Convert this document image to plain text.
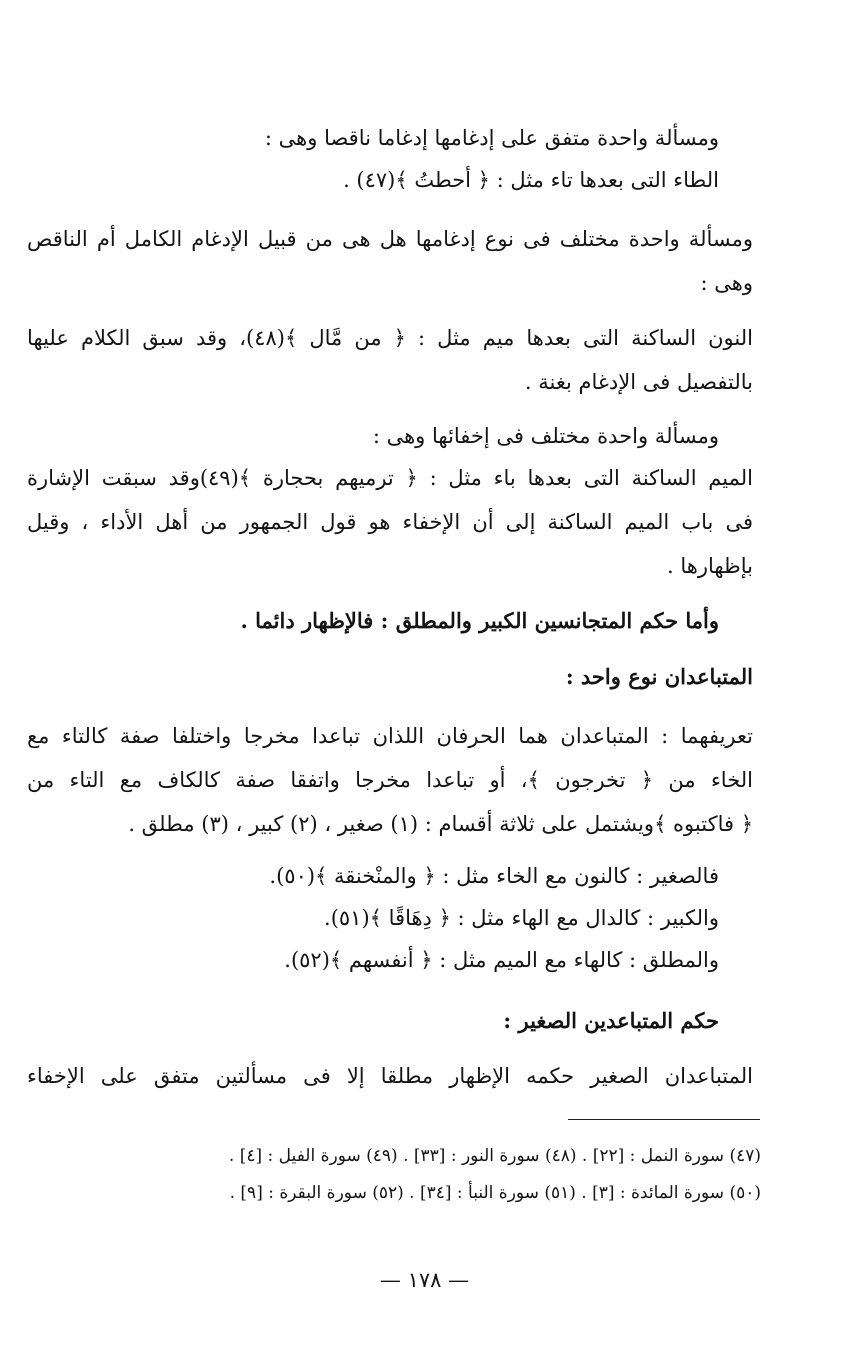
ومسألة واحدة متفق على إدغامها إدغاما ناقصا وهى :
الطاء التى بعدها تاء مثل : ﴿ أحطتُ ﴾(٤٧) .
ومسألة واحدة مختلف فى نوع إدغامها هل هى من قبيل الإدغام الكامل أم الناقص
وهى :
النون الساكنة التى بعدها ميم مثل : ﴿ من مَّال ﴾(٤٨)، وقد سبق الكلام عليها
بالتفصيل فى الإدغام بغنة .
ومسألة واحدة مختلف فى إخفائها وهى :
الميم الساكنة التى بعدها باء مثل : ﴿ ترميهم بحجارة ﴾(٤٩)وقد سبقت الإشارة
فى باب الميم الساكنة إلى أن الإخفاء هو قول الجمهور من أهل الأداء ، وقيل
بإظهارها .
وأما حكم المتجانسين الكبير والمطلق : فالإظهار دائما .
المتباعدان نوع واحد :
تعريفهما : المتباعدان هما الحرفان اللذان تباعدا مخرجا واختلفا صفة كالتاء مع
الخاء من ﴿ تخرجون ﴾، أو تباعدا مخرجا واتفقا صفة كالكاف مع التاء من
﴿ فاكتبوه ﴾ويشتمل على ثلاثة أقسام : (١) صغير ، (٢) كبير ، (٣) مطلق .
فالصغير : كالنون مع الخاء مثل : ﴿ والمنْخنقة ﴾(٥٠).
والكبير : كالدال مع الهاء مثل : ﴿ دِهَاقًا ﴾(٥١).
والمطلق : كالهاء مع الميم مثل : ﴿ أنفسهم ﴾(٥٢).
حكم المتباعدين الصغير :
المتباعدان الصغير حكمه الإظهار مطلقا إلا فى مسألتين متفق على الإخفاء
(٤٧) سورة النمل : [٢٢] . (٤٨) سورة النور : [٣٣] . (٤٩) سورة الفيل : [٤] .
(٥٠) سورة المائدة : [٣] . (٥١) سورة النبأ : [٣٤] . (٥٢) سورة البقرة : [٩] .
— ١٧٨ —
